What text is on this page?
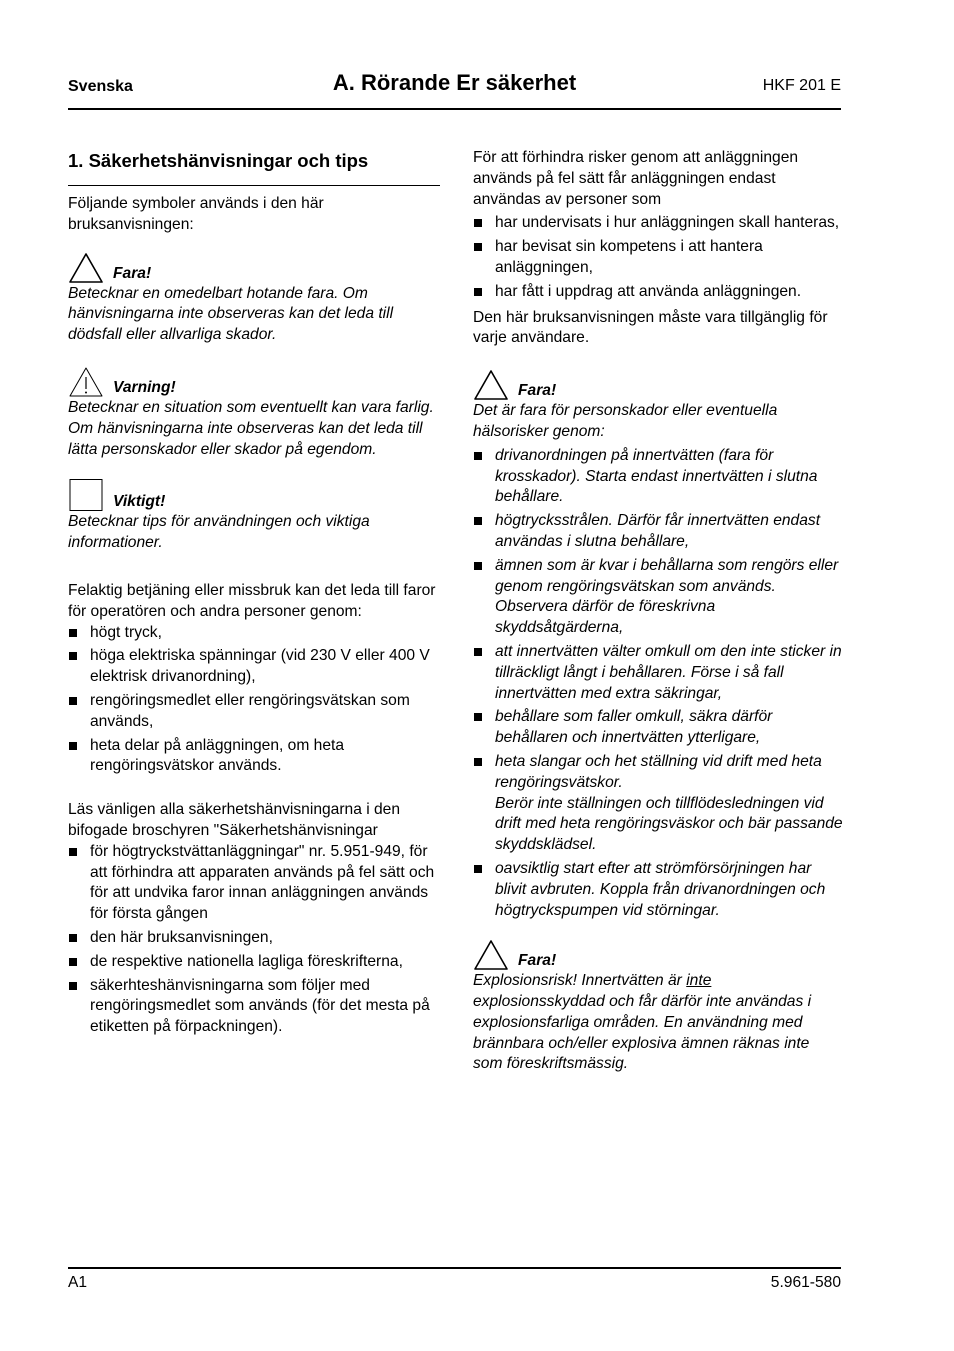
Svenska	A. Rörande Er säkerhet	HKF 201 E

1. Säkerhetshänvisningar och tips

Följande symboler används i den här bruksanvisningen:

Fara!

Betecknar en omedelbart hotande fara. Om hänvisningarna inte observeras kan det leda till dödsfall eller allvarliga skador.

Varning!

Betecknar en situation som eventuellt kan vara farlig. Om hänvisningarna inte observeras kan det leda till lätta personskador eller skador på egendom.

Viktigt!

Betecknar tips för användningen och viktiga informationer.

Felaktig betjäning eller missbruk kan det leda till faror för operatören och andra personer genom:

högt tryck,
höga elektriska spänningar (vid 230 V eller 400 V elektrisk drivanordning),
rengöringsmedlet eller rengöringsvätskan som används,
heta delar på anläggningen, om heta rengöringsvätskor används.

Läs vänligen alla säkerhetshänvisningarna i den bifogade broschyren "Säkerhetshänvisningar

för högtryckstvättanläggningar" nr. 5.951-949, för att förhindra att apparaten används på fel sätt och för att undvika faror innan anläggningen används för första gången
den här bruksanvisningen,
de respektive nationella lagliga föreskrifterna,
säkerhteshänvisningarna som följer med rengöringsmedlet som används (för det mesta på etiketten på förpackningen).

För att förhindra risker genom att anläggningen används på fel sätt får anläggningen endast användas av personer som

har undervisats i hur anläggningen skall hanteras,
har bevisat sin kompetens i att hantera anläggningen,
har fått i uppdrag att använda anläggningen.

Den här bruksanvisningen måste vara tillgänglig för varje användare.

Fara!

Det är fara för personskador eller eventuella hälsorisker genom:

drivanordningen på innertvätten (fara för krosskador). Starta endast innertvätten i slutna behållare.
högtrycksstrålen. Därför får innertvätten endast användas i slutna behållare,
ämnen som är kvar i behållarna som rengörs eller genom rengöringsvätskan som används. Observera därför de föreskrivna skyddsåtgärderna,
att innertvätten välter omkull om den inte sticker in tillräckligt långt i behållaren. Förse i så fall innertvätten med extra säkringar,
behållare som faller omkull, säkra därför behållaren och innertvätten ytterligare,
heta slangar och het ställning vid drift med heta rengöringsvätskor.
Berör inte ställningen och tillflödesledningen vid drift med heta rengöringsväskor och bär passande skyddsklädsel.
oavsiktlig start efter att strömförsörjningen har blivit avbruten. Koppla från drivanordningen och högtryckspumpen vid störningar.
Fara!

Explosionsrisk! Innertvätten är inte explosionsskyddad och får därför inte användas i explosionsfarliga områden. En användning med brännbara och/eller explosiva ämnen räknas inte som föreskriftsmässig.

A1	5.961-580
